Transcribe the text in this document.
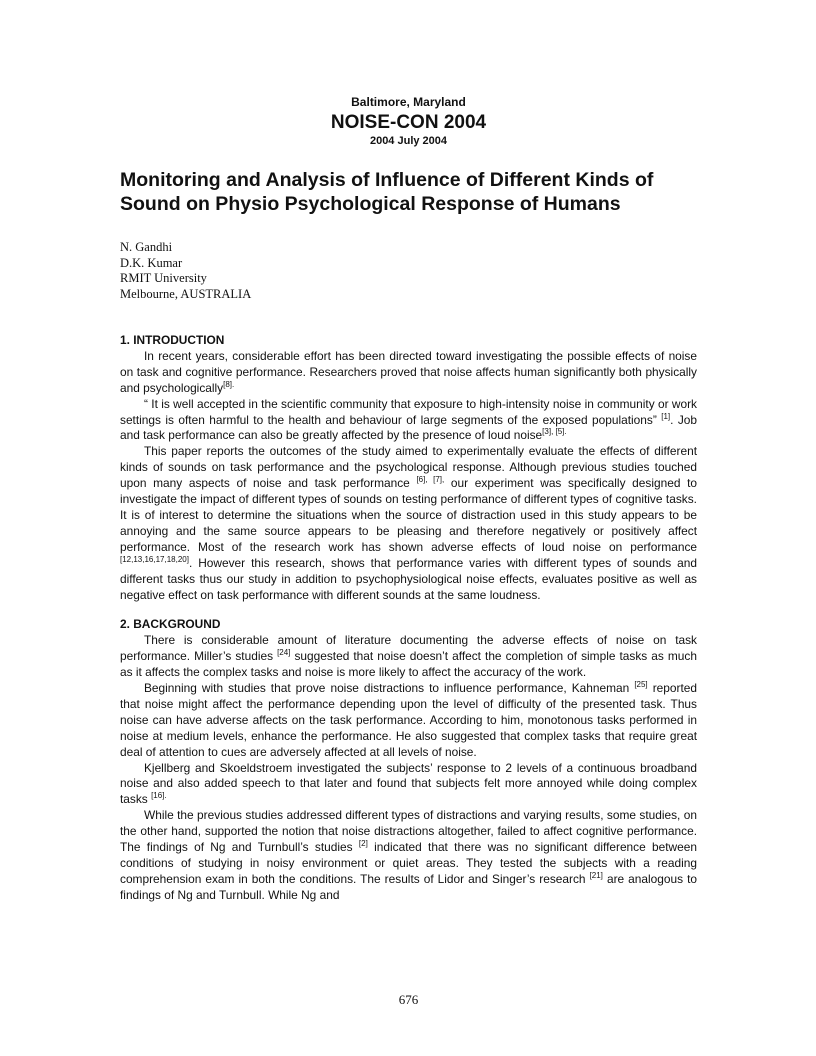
Baltimore, Maryland
NOISE-CON 2004
2004 July 2004
Monitoring and Analysis of Influence of Different Kinds of Sound on Physio Psychological Response of Humans
N. Gandhi
D.K. Kumar
RMIT University
Melbourne, AUSTRALIA
1. INTRODUCTION

In recent years, considerable effort has been directed toward investigating the possible effects of noise on task and cognitive performance. Researchers proved that noise affects human significantly both physically and psychologically$^{[8].}$

“ It is well accepted in the scientific community that exposure to high-intensity noise in community or work settings is often harmful to the health and behaviour of large segments of the exposed populations” [1]. Job and task performance can also be greatly affected by the presence of loud noise$^{[3], [5].}$

This paper reports the outcomes of the study aimed to experimentally evaluate the effects of different kinds of sounds on task performance and the psychological response. Although previous studies touched upon many aspects of noise and task performance $^{[6], [7],}$ our experiment was specifically designed to investigate the impact of different types of sounds on testing performance of different types of cognitive tasks. It is of interest to determine the situations when the source of distraction used in this study appears to be annoying and the same source appears to be pleasing and therefore negatively or positively affect performance. Most of the research work has shown adverse effects of loud noise on performance [12,13,16,17,18,20]. However this research, shows that performance varies with different types of sounds and different tasks thus our study in addition to psychophysiological noise effects, evaluates positive as well as negative effect on task performance with different sounds at the same loudness.

2. BACKGROUND

There is considerable amount of literature documenting the adverse effects of noise on task performance. Miller’s studies [24] suggested that noise doesn’t affect the completion of simple tasks as much as it affects the complex tasks and noise is more likely to affect the accuracy of the work.

Beginning with studies that prove noise distractions to influence performance, Kahneman [25] reported that noise might affect the performance depending upon the level of difficulty of the presented task. Thus noise can have adverse affects on the task performance. According to him, monotonous tasks performed in noise at medium levels, enhance the performance. He also suggested that complex tasks that require great deal of attention to cues are adversely affected at all levels of noise.

Kjellberg and Skoeldstroem investigated the subjects’ response to 2 levels of a continuous broadband noise and also added speech to that later and found that subjects felt more annoyed while doing complex tasks $^{[16].}$

While the previous studies addressed different types of distractions and varying results, some studies, on the other hand, supported the notion that noise distractions altogether, failed to affect cognitive performance. The findings of Ng and Turnbull’s studies [2] indicated that there was no significant difference between conditions of studying in noisy environment or quiet areas. They tested the subjects with a reading comprehension exam in both the conditions. The results of Lidor and Singer’s research [21] are analogous to findings of Ng and Turnbull. While Ng and

676
